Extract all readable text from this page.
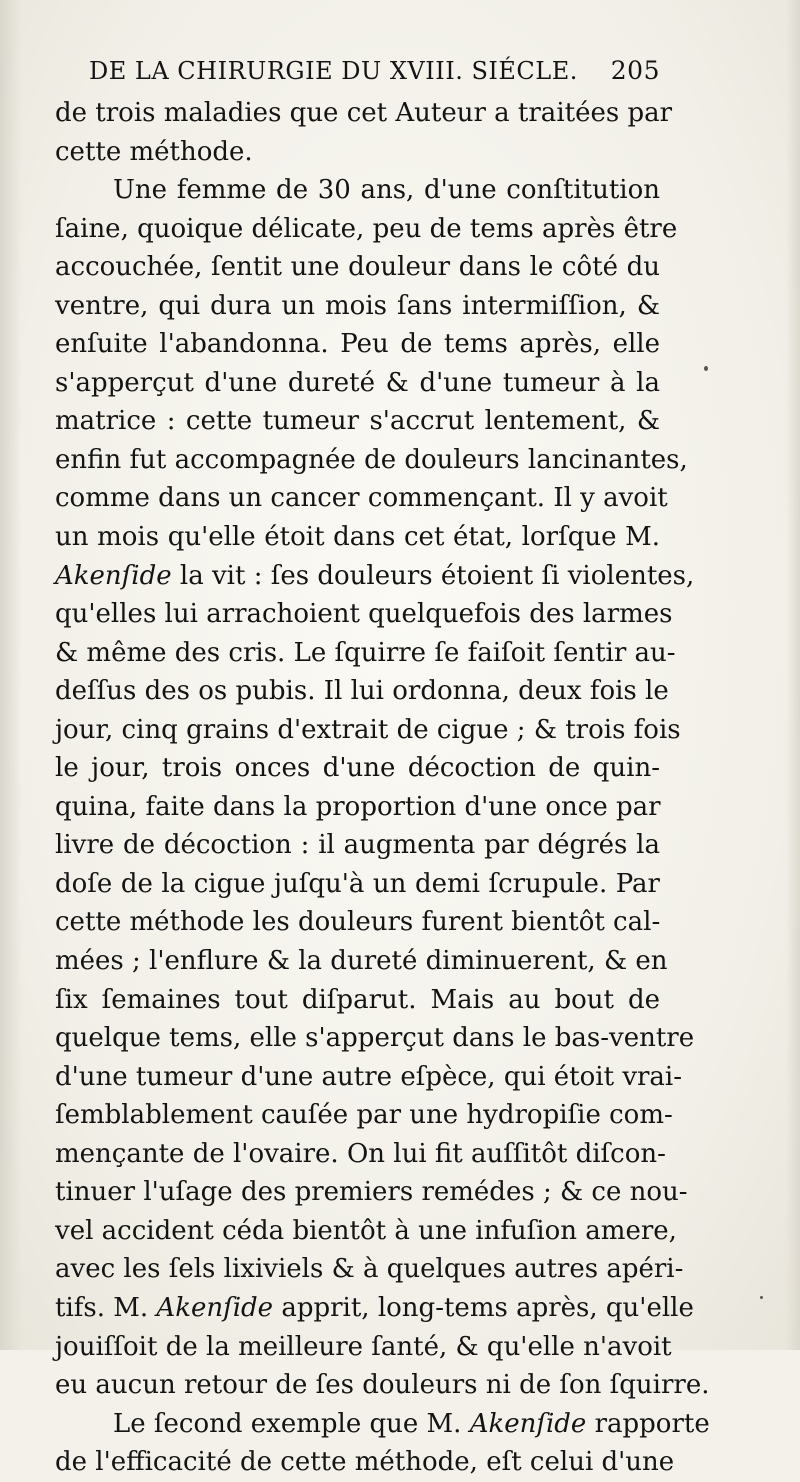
DE LA CHIRURGIE DU XVIII. SIÉCLE. 205
de trois maladies que cet Auteur a traitées par
cette méthode.
Une femme de 30 ans, d'une conſtitution
ſaine, quoique délicate, peu de tems après être
accouchée, ſentit une douleur dans le côté du
ventre, qui dura un mois ſans intermiſſion, &
enſuite l'abandonna. Peu de tems après, elle
s'apperçut d'une dureté & d'une tumeur à la
matrice : cette tumeur s'accrut lentement, &
enfin fut accompagnée de douleurs lancinantes,
comme dans un cancer commençant. Il y avoit
un mois qu'elle étoit dans cet état, lorſque M.
Akenſide la vit : ſes douleurs étoient ſi violentes,
qu'elles lui arrachoient quelquefois des larmes
& même des cris. Le ſquirre ſe faiſoit ſentir au-
deſſus des os pubis. Il lui ordonna, deux fois le
jour, cinq grains d'extrait de cigue ; & trois fois
le jour, trois onces d'une décoction de quin-
quina, faite dans la proportion d'une once par
livre de décoction : il augmenta par dégrés la
doſe de la cigue juſqu'à un demi ſcrupule. Par
cette méthode les douleurs furent bientôt cal-
mées ; l'enflure & la dureté diminuerent, & en
ſix ſemaines tout diſparut. Mais au bout de
quelque tems, elle s'apperçut dans le bas-ventre
d'une tumeur d'une autre eſpèce, qui étoit vrai-
ſemblablement cauſée par une hydropiſie com-
mençante de l'ovaire. On lui fit auſſitôt diſcon-
tinuer l'uſage des premiers remédes ; & ce nou-
vel accident céda bientôt à une infuſion amere,
avec les ſels lixiviels & à quelques autres apéri-
tifs. M. Akenſide apprit, long-tems après, qu'elle
jouiſſoit de la meilleure ſanté, & qu'elle n'avoit
eu aucun retour de ſes douleurs ni de ſon ſquirre.
Le ſecond exemple que M. Akenſide rapporte
de l'efficacité de cette méthode, eſt celui d'une
